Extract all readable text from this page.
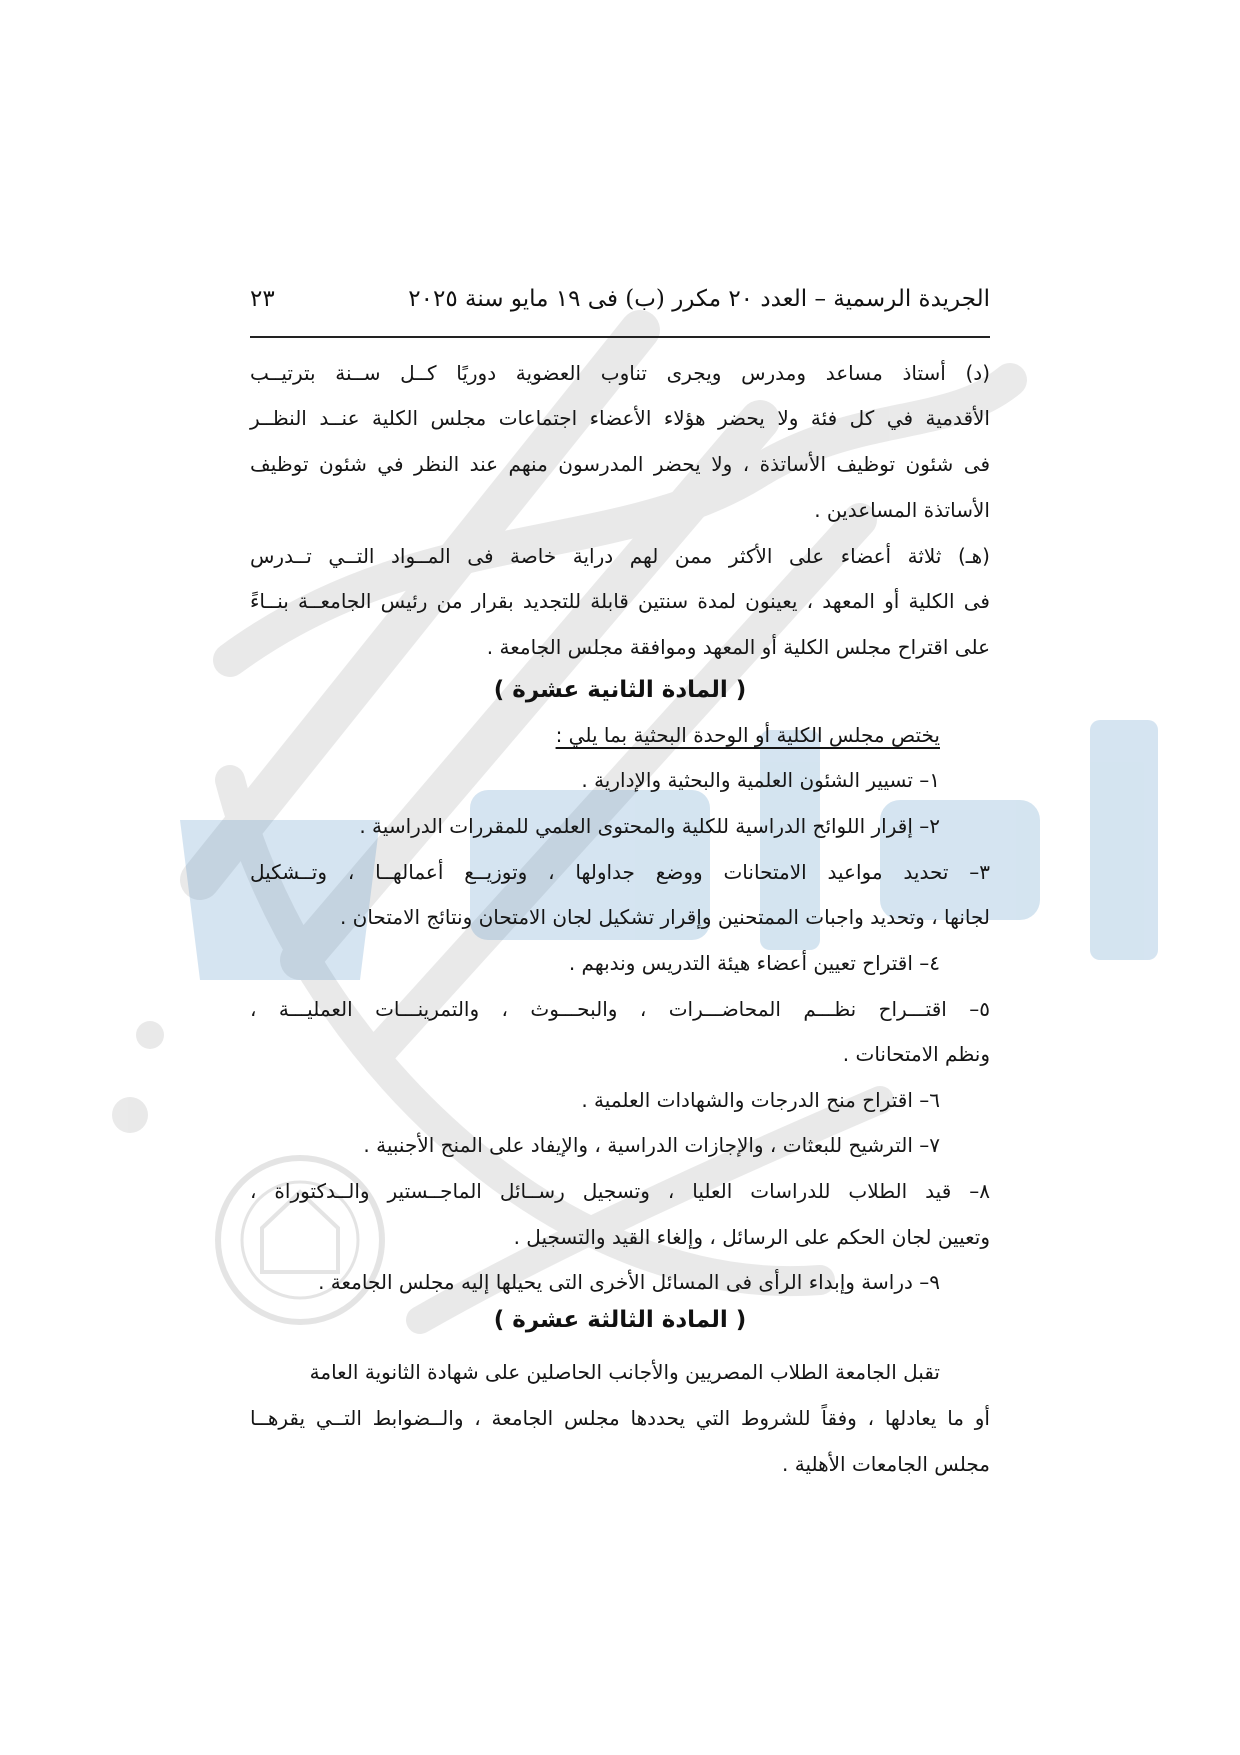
الجريدة الرسمية – العدد ٢٠ مكرر (ب) فى ١٩ مايو سنة ٢٠٢٥
٢٣
(د) أستاذ مساعد ومدرس ويجرى تناوب العضوية دوريًا كــل ســنة بترتيــب
الأقدمية في كل فئة ولا يحضر هؤلاء الأعضاء اجتماعات مجلس الكلية عنــد النظــر
فى شئون توظيف الأساتذة ، ولا يحضر المدرسون منهم عند النظر في شئون توظيف
الأساتذة المساعدين .
(هـ) ثلاثة أعضاء على الأكثر ممن لهم دراية خاصة فى المــواد التــي تــدرس
فى الكلية أو المعهد ، يعينون لمدة سنتين قابلة للتجديد بقرار من رئيس الجامعــة بنــاءً
على اقتراح مجلس الكلية أو المعهد وموافقة مجلس الجامعة .
( المادة الثانية عشرة )
يختص مجلس الكلية أو الوحدة البحثية بما يلي :
١– تسيير الشئون العلمية والبحثية والإدارية .
٢– إقرار اللوائح الدراسية للكلية والمحتوى العلمي للمقررات الدراسية .
٣– تحديد مواعيد الامتحانات ووضع جداولها ، وتوزيــع أعمالهــا ، وتــشكيل
لجانها ، وتحديد واجبات الممتحنين وإقرار تشكيل لجان الامتحان ونتائج الامتحان .
٤– اقتراح تعيين أعضاء هيئة التدريس وندبهم .
٥– اقتـــراح نظـــم المحاضـــرات ، والبحـــوث ، والتمرينـــات العمليـــة ،
ونظم الامتحانات .
٦– اقتراح منح الدرجات والشهادات العلمية .
٧– الترشيح للبعثات ، والإجازات الدراسية ، والإيفاد على المنح الأجنبية .
٨– قيد الطلاب للدراسات العليا ، وتسجيل رســائل الماجــستير والــدكتوراة ،
وتعيين لجان الحكم على الرسائل ، وإلغاء القيد والتسجيل .
٩– دراسة وإبداء الرأى فى المسائل الأخرى التى يحيلها إليه مجلس الجامعة .
( المادة الثالثة عشرة )
تقبل الجامعة الطلاب المصريين والأجانب الحاصلين على شهادة الثانوية العامة
أو ما يعادلها ، وفقاً للشروط التي يحددها مجلس الجامعة ، والــضوابط التــي يقرهــا
مجلس الجامعات الأهلية .
